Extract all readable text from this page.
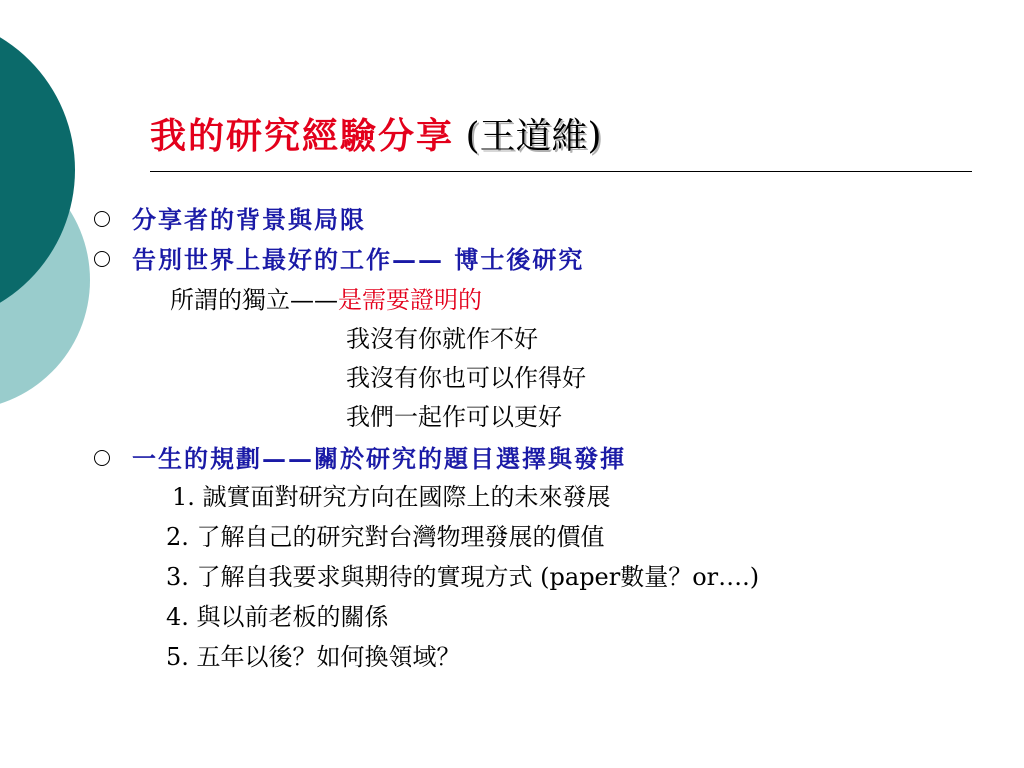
我的研究經驗分享 (王道維)
分享者的背景與局限
告別世界上最好的工作—— 博士後研究
所謂的獨立——是需要證明的
我沒有你就作不好
我沒有你也可以作得好
我們一起作可以更好
一生的規劃——關於研究的題目選擇與發揮
1. 誠實面對研究方向在國際上的未來發展
2. 了解自己的研究對台灣物理發展的價值
3. 了解自我要求與期待的實現方式 (paper數量？or….)
4. 與以前老板的關係
5. 五年以後？如何換領域？
